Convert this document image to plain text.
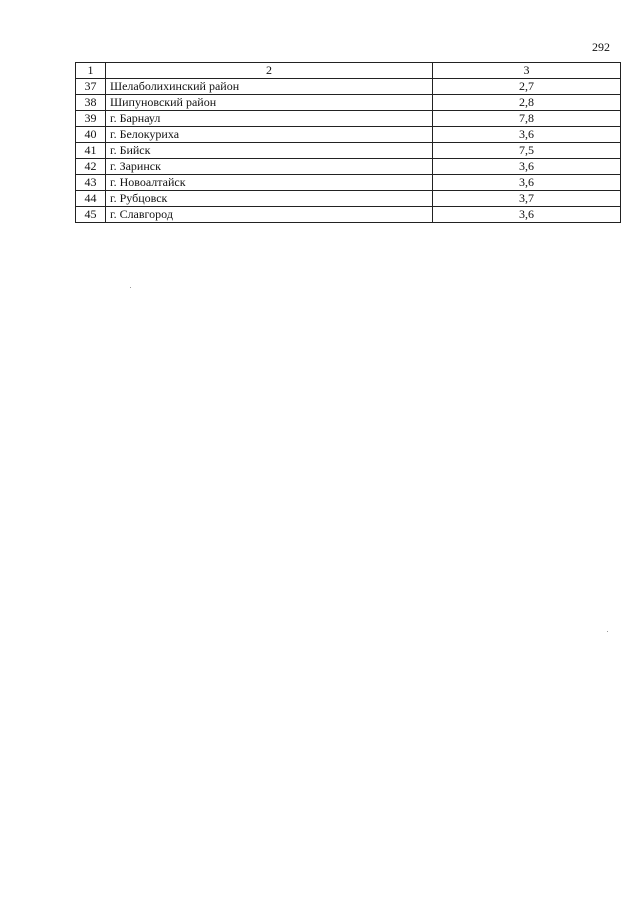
292
1	2	3
37	Шелаболихинский район	2,7
38	Шипуновский район	2,8
39	г. Барнаул	7,8
40	г. Белокуриха	3,6
41	г. Бийск	7,5
42	г. Заринск	3,6
43	г. Новоалтайск	3,6
44	г. Рубцовск	3,7
45	г. Славгород	3,6
